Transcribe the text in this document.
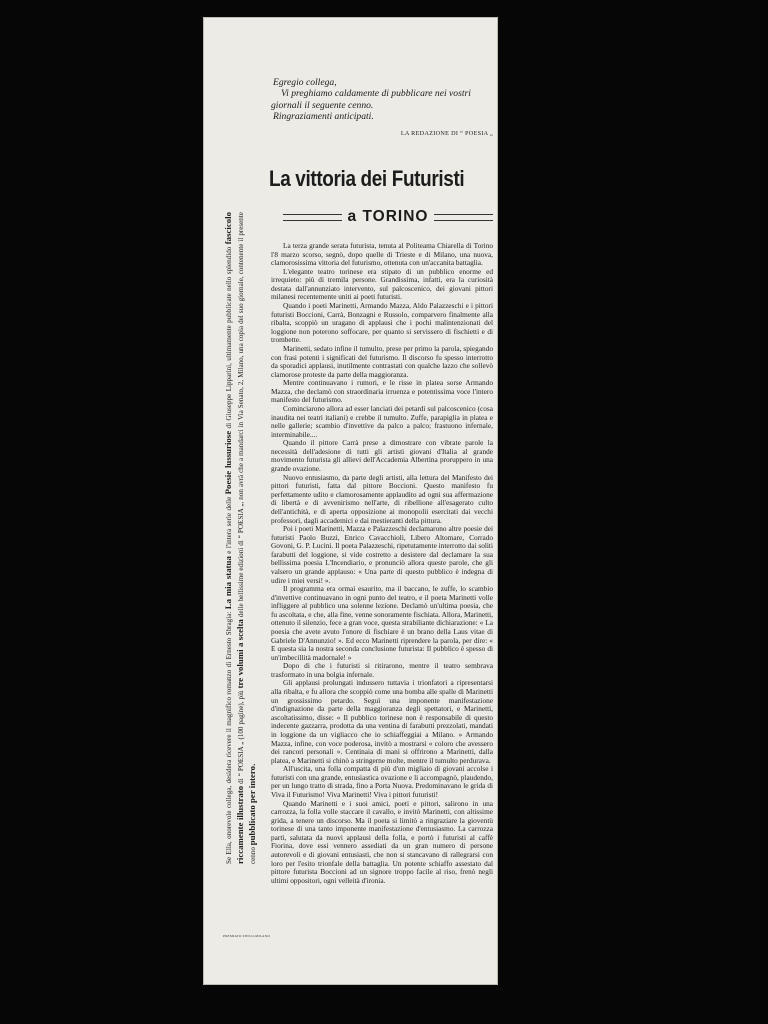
Egregio collega,

Vi preghiamo caldamente di pubblicare nei vostri

giornali il seguente cenno.

Ringraziamenti anticipati.

LA REDAZIONE DI “ POESIA „
La vittoria dei Futuristi
a TORINO
Se Ella, onorevole collega, desidera ricevere il magnifico romanzo di Ernesto Sbragia: La mia statua e l'intera serie delle Poesie lussuriose di Giuseppe Lipparini, ultimamente pubblicate nello splendido fascicolo riccamente illustrato di “ POESIA „ (100 pagine), più tre volumi a scelta delle bellissime edizioni di “ POESIA „, non avrà che a mandarci in Via Senato, 2, Milano, una copia del suo giornale, contenente il presente cenno pubblicato per intero.

La terza grande serata futurista, tenuta al Politeama Chiarella di Torino l'8 marzo scorso, segnò, dopo quelle di Trieste e di Milano, una nuova, clamorosissima vittoria del futurismo, ottenuta con un'accanita battaglia.

L'elegante teatro torinese era stipato di un pubblico enorme ed irrequieto: più di tremila persone. Grandissima, infatti, era la curiosità destata dall'annunziato intervento, sul palcoscenico, dei giovani pittori milanesi recentemente uniti ai poeti futuristi.

Quando i poeti Marinetti, Armando Mazza, Aldo Palazzeschi e i pittori futuristi Boccioni, Carrà, Bonzagni e Russolo, comparvero finalmente alla ribalta, scoppiò un uragano di applausi che i pochi malintenzionati del loggione non poterono soffocare, per quanto si servissero di fischietti e di trombette.

Marinetti, sedato infine il tumulto, prese per primo la parola, spiegando con frasi potenti i significati del futurismo. Il discorso fu spesso interrotto da sporadici applausi, inutilmente contrastati con qualche lazzo che sollevò clamorose proteste da parte della maggioranza.

Mentre continuavano i rumori, e le risse in platea sorse Armando Mazza, che declamò con straordinaria irruenza e potentissima voce l'intero manifesto del futurismo.

Cominciarono allora ad esser lanciati dei petardi sul palcoscenico (cosa inaudita nei teatri italiani) e crebbe il tumulto. Zuffe, parapiglia in platea e nelle gallerie; scambio d'invettive da palco a palco; frastuono infernale, interminabile....

Quando il pittore Carrà prese a dimostrare con vibrate parole la necessità dell'adesione di tutti gli artisti giovani d'Italia al grande movimento futurista gli allievi dell'Accademia Albertina proruppero in una grande ovazione.

Nuovo entusiasmo, da parte degli artisti, alla lettura del Manifesto dei pittori futuristi, fatta dal pittore Boccioni. Questo manifesto fu perfettamente udito e clamorosamente applaudito ad ogni sua affermazione di libertà e di avvenirismo nell'arte, di ribellione all'esagerato culto dell'antichità, e di aperta opposizione ai monopolii esercitati dai vecchi professori, dagli accademici e dai mestieranti della pittura.

Poi i poeti Marinetti, Mazza e Palazzeschi declamarono altre poesie dei futuristi Paolo Buzzi, Enrico Cavacchioli, Libero Altomare, Corrado Govoni, G. P. Lucini. Il poeta Palazzeschi, ripetutamente interrotto dai soliti farabutti del loggione, si vide costretto a desistere dal declamare la sua bellissima poesia L'Incendiario, e pronunciò allora queste parole, che gli valsero un grande applauso: « Una parte di questo pubblico è indegna di udire i miei versi! ».

Il programma era ormai esaurito, ma il baccano, le zuffe, lo scambio d'invettive continuavano in ogni punto del teatro, e il poeta Marinetti volle infliggere al pubblico una solenne lezione. Declamò un'ultima poesia, che fu ascoltata, e che, alla fine, venne sonoramente fischiata. Allora, Marinetti, ottenuto il silenzio, fece a gran voce, questa strabiliante dichiarazione: « La poesia che avete avuto l'onore di fischiare è un brano della Laus vitae di Gabriele D'Annunzio! ». Ed ecco Marinetti riprendere la parola, per dire: « E questa sia la nostra seconda conclusione futurista: Il pubblico è spesso di un'imbecillità madornale! »

Dopo di che i futuristi si ritirarono, mentre il teatro sembrava trasformato in una bolgia infernale.

Gli applausi prolungati indussero tuttavia i trionfatori a ripresentarsi alla ribalta, e fu allora che scoppiò come una bomba alle spalle di Marinetti un grossissimo petardo. Seguì una imponente manifestazione d'indignazione da parte della maggioranza degli spettatori, e Marinetti, ascoltatissimo, disse: « Il pubblico torinese non è responsabile di questo indecente gazzarra, prodotta da una ventina di farabutti prezzolati, mandati in loggione da un vigliacco che io schiaffeggiai a Milano. » Armando Mazza, infine, con voce poderosa, invitò a mostrarsi « coloro che avessero dei rancori personali ». Centinaia di mani si offrirono a Marinetti, dalla platea, e Marinetti si chinò a stringerne molte, mentre il tumulto perdurava.

All'uscita, una folla compatta di più d'un migliaio di giovani accolse i futuristi con una grande, entusiastica ovazione e li accompagnò, plaudendo, per un lungo tratto di strada, fino a Porta Nuova. Predominavano le grida di Viva il Futurismo! Viva Marinetti! Viva i pittori futuristi!

Quando Marinetti e i suoi amici, poeti e pittori, salirono in una carrozza, la folla volle staccare il cavallo, e invitò Marinetti, con altissime grida, a tenere un discorso. Ma il poeta si limitò a ringraziare la gioventù torinese di una tanto imponente manifestazione d'entusiasmo. La carrozza partì, salutata da nuovi applausi della folla, e portò i futuristi al caffè Fiorina, dove essi vennero assediati da un gran numero di persone autorevoli e di giovani entusiasti, che non si stancavano di rallegrarsi con loro per l'esito trionfale della battaglia. Un potente schiaffo assestato dal pittore futurista Boccioni ad un signore troppo facile al riso, frenò negli ultimi oppositori, ogni velleità d'ironia.

PREMIATO ZINCO-MILANO
